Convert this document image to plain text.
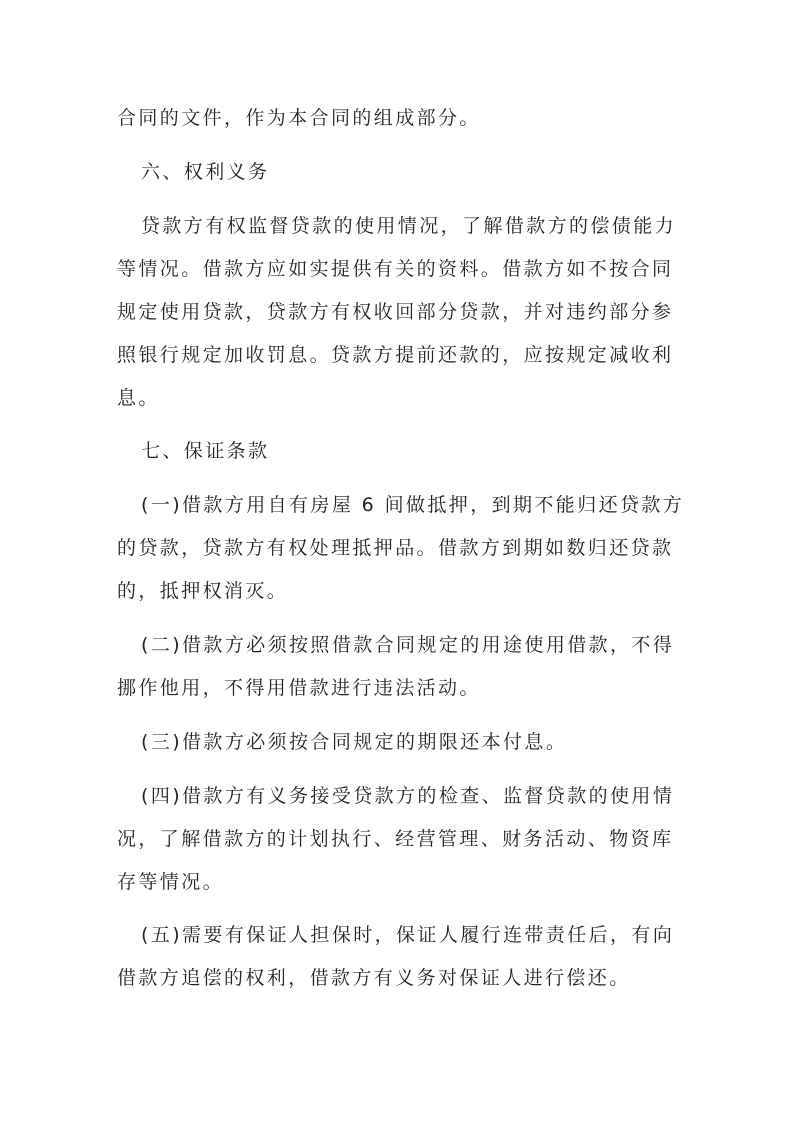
合同的文件，作为本合同的组成部分。
六、权利义务
贷款方有权监督贷款的使用情况，了解借款方的偿债能力
等情况。借款方应如实提供有关的资料。借款方如不按合同
规定使用贷款，贷款方有权收回部分贷款，并对违约部分参
照银行规定加收罚息。贷款方提前还款的，应按规定减收利
息。
七、保证条款
(一)借款方用自有房屋 6 间做抵押，到期不能归还贷款方
的贷款，贷款方有权处理抵押品。借款方到期如数归还贷款
的，抵押权消灭。
(二)借款方必须按照借款合同规定的用途使用借款，不得
挪作他用，不得用借款进行违法活动。
(三)借款方必须按合同规定的期限还本付息。
(四)借款方有义务接受贷款方的检查、监督贷款的使用情
况，了解借款方的计划执行、经营管理、财务活动、物资库
存等情况。
(五)需要有保证人担保时，保证人履行连带责任后，有向
借款方追偿的权利，借款方有义务对保证人进行偿还。
